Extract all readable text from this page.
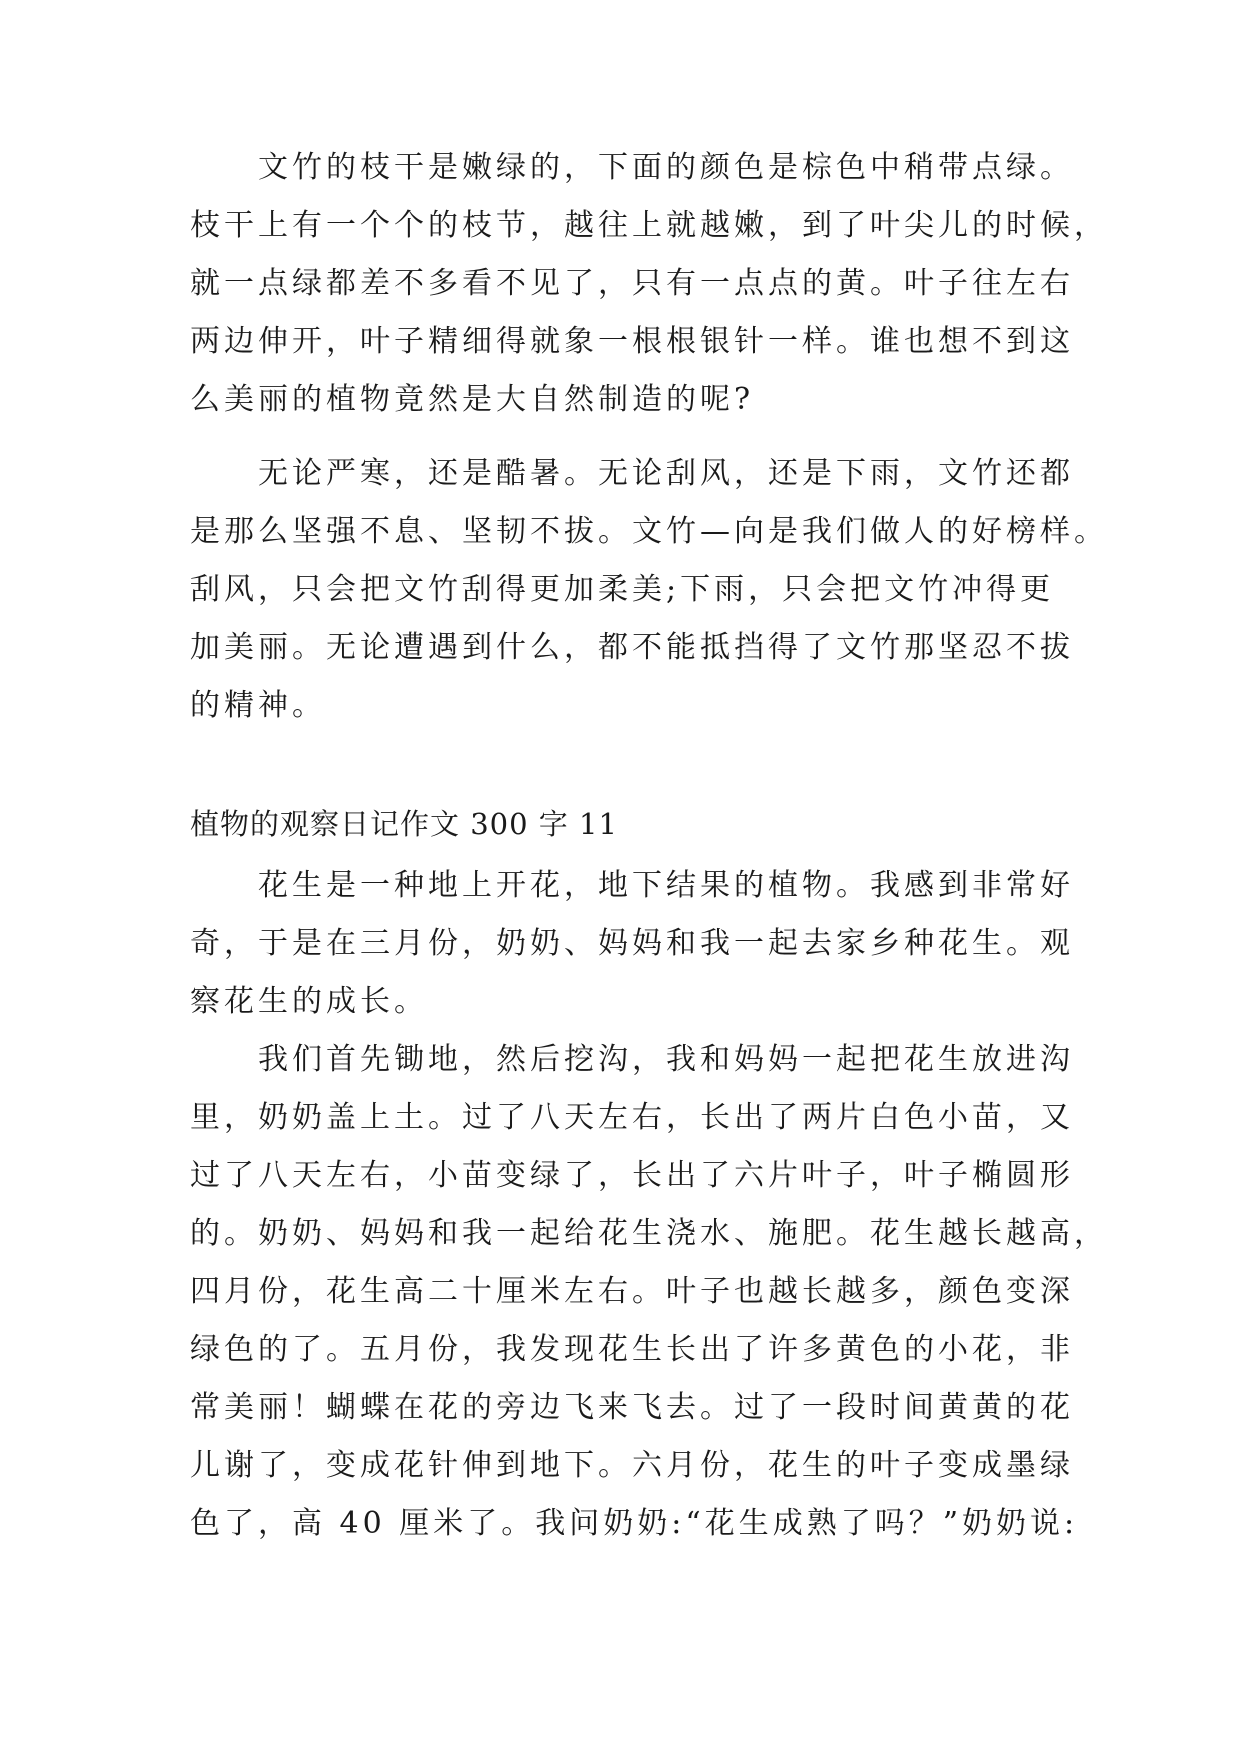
文竹的枝干是嫩绿的，下面的颜色是棕色中稍带点绿。
枝干上有一个个的枝节，越往上就越嫩，到了叶尖儿的时候，
就一点绿都差不多看不见了，只有一点点的黄。叶子往左右
两边伸开，叶子精细得就象一根根银针一样。谁也想不到这
么美丽的植物竟然是大自然制造的呢?
无论严寒，还是酷暑。无论刮风，还是下雨，文竹还都
是那么坚强不息、坚韧不拔。文竹—向是我们做人的好榜样。
刮风，只会把文竹刮得更加柔美;下雨，只会把文竹冲得更
加美丽。无论遭遇到什么，都不能抵挡得了文竹那坚忍不拔
的精神。
植物的观察日记作文 300 字 11
花生是一种地上开花，地下结果的植物。我感到非常好
奇，于是在三月份，奶奶、妈妈和我一起去家乡种花生。观
察花生的成长。
我们首先锄地，然后挖沟，我和妈妈一起把花生放进沟
里，奶奶盖上土。过了八天左右，长出了两片白色小苗，又
过了八天左右，小苗变绿了，长出了六片叶子，叶子椭圆形
的。奶奶、妈妈和我一起给花生浇水、施肥。花生越长越高，
四月份，花生高二十厘米左右。叶子也越长越多，颜色变深
绿色的了。五月份，我发现花生长出了许多黄色的小花，非
常美丽！蝴蝶在花的旁边飞来飞去。过了一段时间黄黄的花
儿谢了，变成花针伸到地下。六月份，花生的叶子变成墨绿
色了，高 40 厘米了。我问奶奶:“花生成熟了吗？”奶奶说:
